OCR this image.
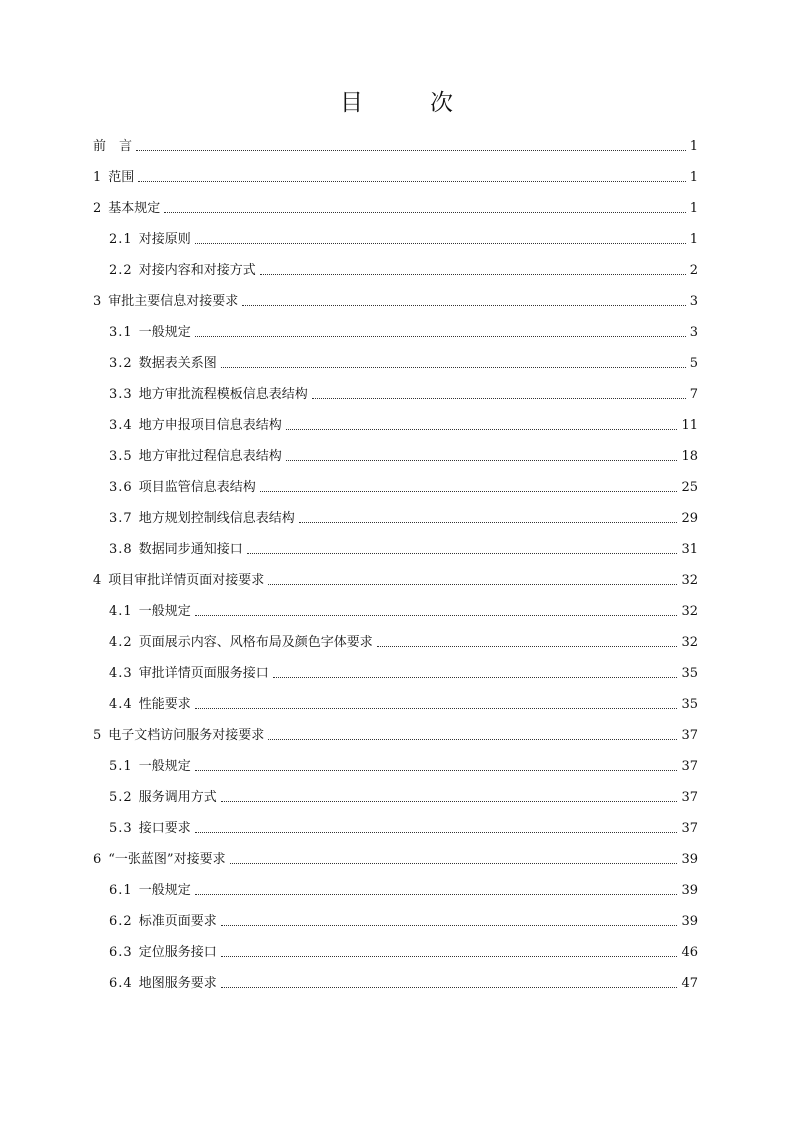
目　次
前　言	1
1 范围	1
2 基本规定	1
2.1 对接原则	1
2.2 对接内容和对接方式	2
3 审批主要信息对接要求	3
3.1 一般规定	3
3.2 数据表关系图	5
3.3 地方审批流程模板信息表结构	7
3.4 地方申报项目信息表结构	11
3.5 地方审批过程信息表结构	18
3.6 项目监管信息表结构	25
3.7 地方规划控制线信息表结构	29
3.8 数据同步通知接口	31
4 项目审批详情页面对接要求	32
4.1 一般规定	32
4.2 页面展示内容、风格布局及颜色字体要求	32
4.3 审批详情页面服务接口	35
4.4 性能要求	35
5 电子文档访问服务对接要求	37
5.1 一般规定	37
5.2 服务调用方式	37
5.3 接口要求	37
6 “一张蓝图”对接要求	39
6.1 一般规定	39
6.2 标准页面要求	39
6.3 定位服务接口	46
6.4 地图服务要求	47
